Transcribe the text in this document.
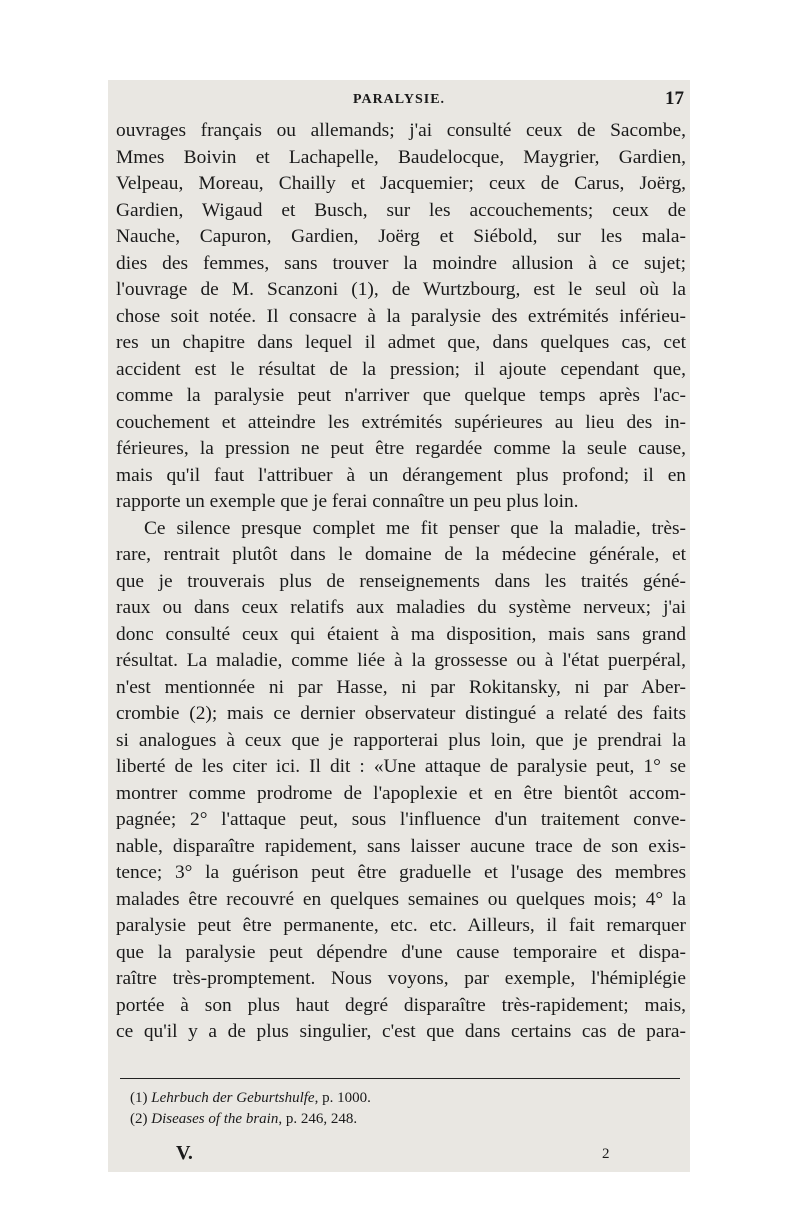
PARALYSIE.	17
ouvrages français ou allemands; j'ai consulté ceux de Sacombe,
Mmes Boivin et Lachapelle, Baudelocque, Maygrier, Gardien,
Velpeau, Moreau, Chailly et Jacquemier; ceux de Carus, Joërg,
Gardien, Wigaud et Busch, sur les accouchements; ceux de
Nauche, Capuron, Gardien, Joërg et Siébold, sur les mala-
dies des femmes, sans trouver la moindre allusion à ce sujet;
l'ouvrage de M. Scanzoni (1), de Wurtzbourg, est le seul où la
chose soit notée. Il consacre à la paralysie des extrémités inférieu-
res un chapitre dans lequel il admet que, dans quelques cas, cet
accident est le résultat de la pression; il ajoute cependant que,
comme la paralysie peut n'arriver que quelque temps après l'ac-
couchement et atteindre les extrémités supérieures au lieu des in-
férieures, la pression ne peut être regardée comme la seule cause,
mais qu'il faut l'attribuer à un dérangement plus profond; il en
rapporte un exemple que je ferai connaître un peu plus loin.
Ce silence presque complet me fit penser que la maladie, très-
rare, rentrait plutôt dans le domaine de la médecine générale, et
que je trouverais plus de renseignements dans les traités géné-
raux ou dans ceux relatifs aux maladies du système nerveux; j'ai
donc consulté ceux qui étaient à ma disposition, mais sans grand
résultat. La maladie, comme liée à la grossesse ou à l'état puerpéral,
n'est mentionnée ni par Hasse, ni par Rokitansky, ni par Aber-
crombie (2); mais ce dernier observateur distingué a relaté des faits
si analogues à ceux que je rapporterai plus loin, que je prendrai la
liberté de les citer ici. Il dit : «Une attaque de paralysie peut, 1° se
montrer comme prodrome de l'apoplexie et en être bientôt accom-
pagnée; 2° l'attaque peut, sous l'influence d'un traitement conve-
nable, disparaître rapidement, sans laisser aucune trace de son exis-
tence; 3° la guérison peut être graduelle et l'usage des membres
malades être recouvré en quelques semaines ou quelques mois; 4° la
paralysie peut être permanente, etc. etc. Ailleurs, il fait remarquer
que la paralysie peut dépendre d'une cause temporaire et dispa-
raître très-promptement. Nous voyons, par exemple, l'hémiplégie
portée à son plus haut degré disparaître très-rapidement; mais,
ce qu'il y a de plus singulier, c'est que dans certains cas de para-
(1) Lehrbuch der Geburtshulfe, p. 1000.
(2) Diseases of the brain, p. 246, 248.
V.	2
